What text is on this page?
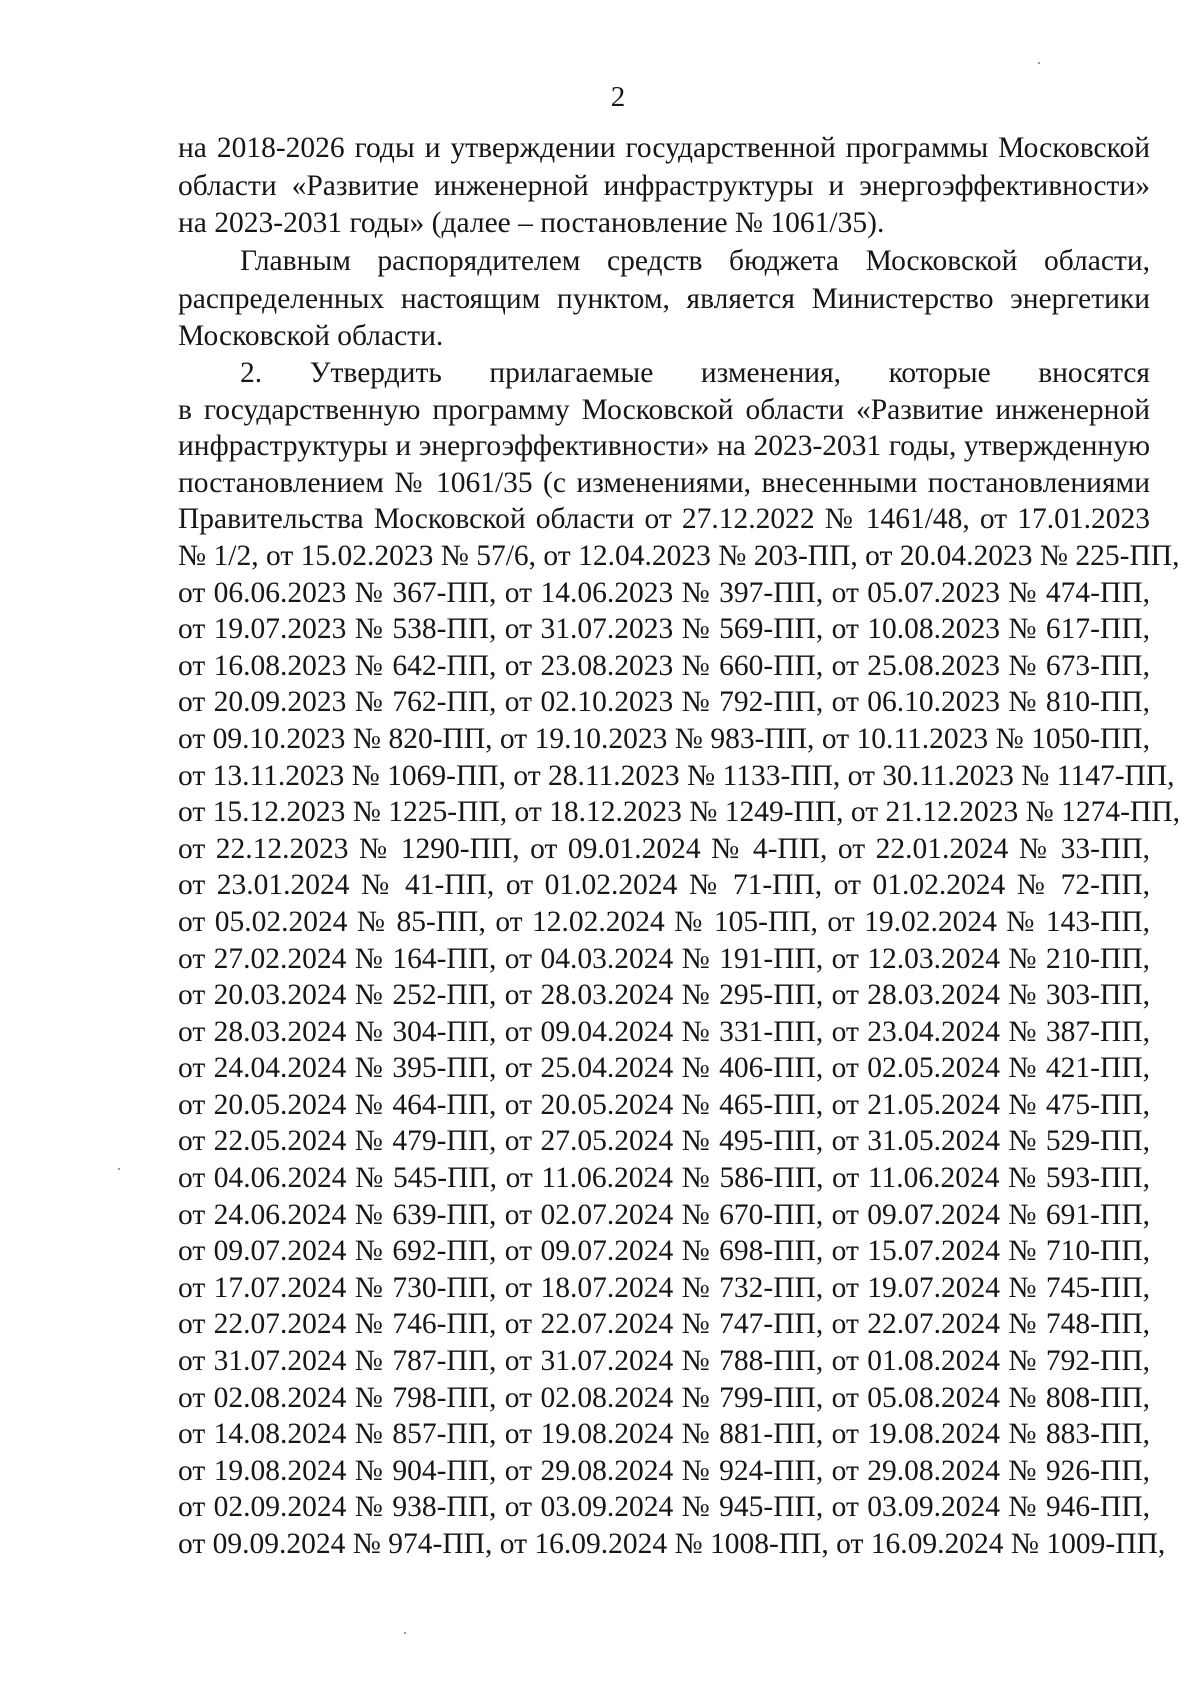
2

на 2018-2026 годы и утверждении государственной программы Московской
области «Развитие инженерной инфраструктуры и энергоэффективности»
на 2023-2031 годы» (далее – постановление № 1061/35).

Главным распорядителем средств бюджета Московской области,
распределенных настоящим пунктом, является Министерство энергетики
Московской области.

2. Утвердить прилагаемые изменения, которые вносятся
в государственную программу Московской области «Развитие инженерной
инфраструктуры и энергоэффективности» на 2023-2031 годы, утвержденную
постановлением № 1061/35 (с изменениями, внесенными постановлениями
Правительства Московской области от 27.12.2022 № 1461/48, от 17.01.2023
№ 1/2, от 15.02.2023 № 57/6, от 12.04.2023 № 203-ПП, от 20.04.2023 № 225-ПП,
от 06.06.2023 № 367-ПП, от 14.06.2023 № 397-ПП, от 05.07.2023 № 474-ПП,
от 19.07.2023 № 538-ПП, от 31.07.2023 № 569-ПП, от 10.08.2023 № 617-ПП,
от 16.08.2023 № 642-ПП, от 23.08.2023 № 660-ПП, от 25.08.2023 № 673-ПП,
от 20.09.2023 № 762-ПП, от 02.10.2023 № 792-ПП, от 06.10.2023 № 810-ПП,
от 09.10.2023 № 820-ПП, от 19.10.2023 № 983-ПП, от 10.11.2023 № 1050-ПП,
от 13.11.2023 № 1069-ПП, от 28.11.2023 № 1133-ПП, от 30.11.2023 № 1147-ПП,
от 15.12.2023 № 1225-ПП, от 18.12.2023 № 1249-ПП, от 21.12.2023 № 1274-ПП,
от 22.12.2023 № 1290-ПП, от 09.01.2024 № 4-ПП, от 22.01.2024 № 33-ПП,
от 23.01.2024 № 41-ПП, от 01.02.2024 № 71-ПП, от 01.02.2024 № 72-ПП,
от 05.02.2024 № 85-ПП, от 12.02.2024 № 105-ПП, от 19.02.2024 № 143-ПП,
от 27.02.2024 № 164-ПП, от 04.03.2024 № 191-ПП, от 12.03.2024 № 210-ПП,
от 20.03.2024 № 252-ПП, от 28.03.2024 № 295-ПП, от 28.03.2024 № 303-ПП,
от 28.03.2024 № 304-ПП, от 09.04.2024 № 331-ПП, от 23.04.2024 № 387-ПП,
от 24.04.2024 № 395-ПП, от 25.04.2024 № 406-ПП, от 02.05.2024 № 421-ПП,
от 20.05.2024 № 464-ПП, от 20.05.2024 № 465-ПП, от 21.05.2024 № 475-ПП,
от 22.05.2024 № 479-ПП, от 27.05.2024 № 495-ПП, от 31.05.2024 № 529-ПП,
от 04.06.2024 № 545-ПП, от 11.06.2024 № 586-ПП, от 11.06.2024 № 593-ПП,
от 24.06.2024 № 639-ПП, от 02.07.2024 № 670-ПП, от 09.07.2024 № 691-ПП,
от 09.07.2024 № 692-ПП, от 09.07.2024 № 698-ПП, от 15.07.2024 № 710-ПП,
от 17.07.2024 № 730-ПП, от 18.07.2024 № 732-ПП, от 19.07.2024 № 745-ПП,
от 22.07.2024 № 746-ПП, от 22.07.2024 № 747-ПП, от 22.07.2024 № 748-ПП,
от 31.07.2024 № 787-ПП, от 31.07.2024 № 788-ПП, от 01.08.2024 № 792-ПП,
от 02.08.2024 № 798-ПП, от 02.08.2024 № 799-ПП, от 05.08.2024 № 808-ПП,
от 14.08.2024 № 857-ПП, от 19.08.2024 № 881-ПП, от 19.08.2024 № 883-ПП,
от 19.08.2024 № 904-ПП, от 29.08.2024 № 924-ПП, от 29.08.2024 № 926-ПП,
от 02.09.2024 № 938-ПП, от 03.09.2024 № 945-ПП, от 03.09.2024 № 946-ПП,
от 09.09.2024 № 974-ПП, от 16.09.2024 № 1008-ПП, от 16.09.2024 № 1009-ПП,
